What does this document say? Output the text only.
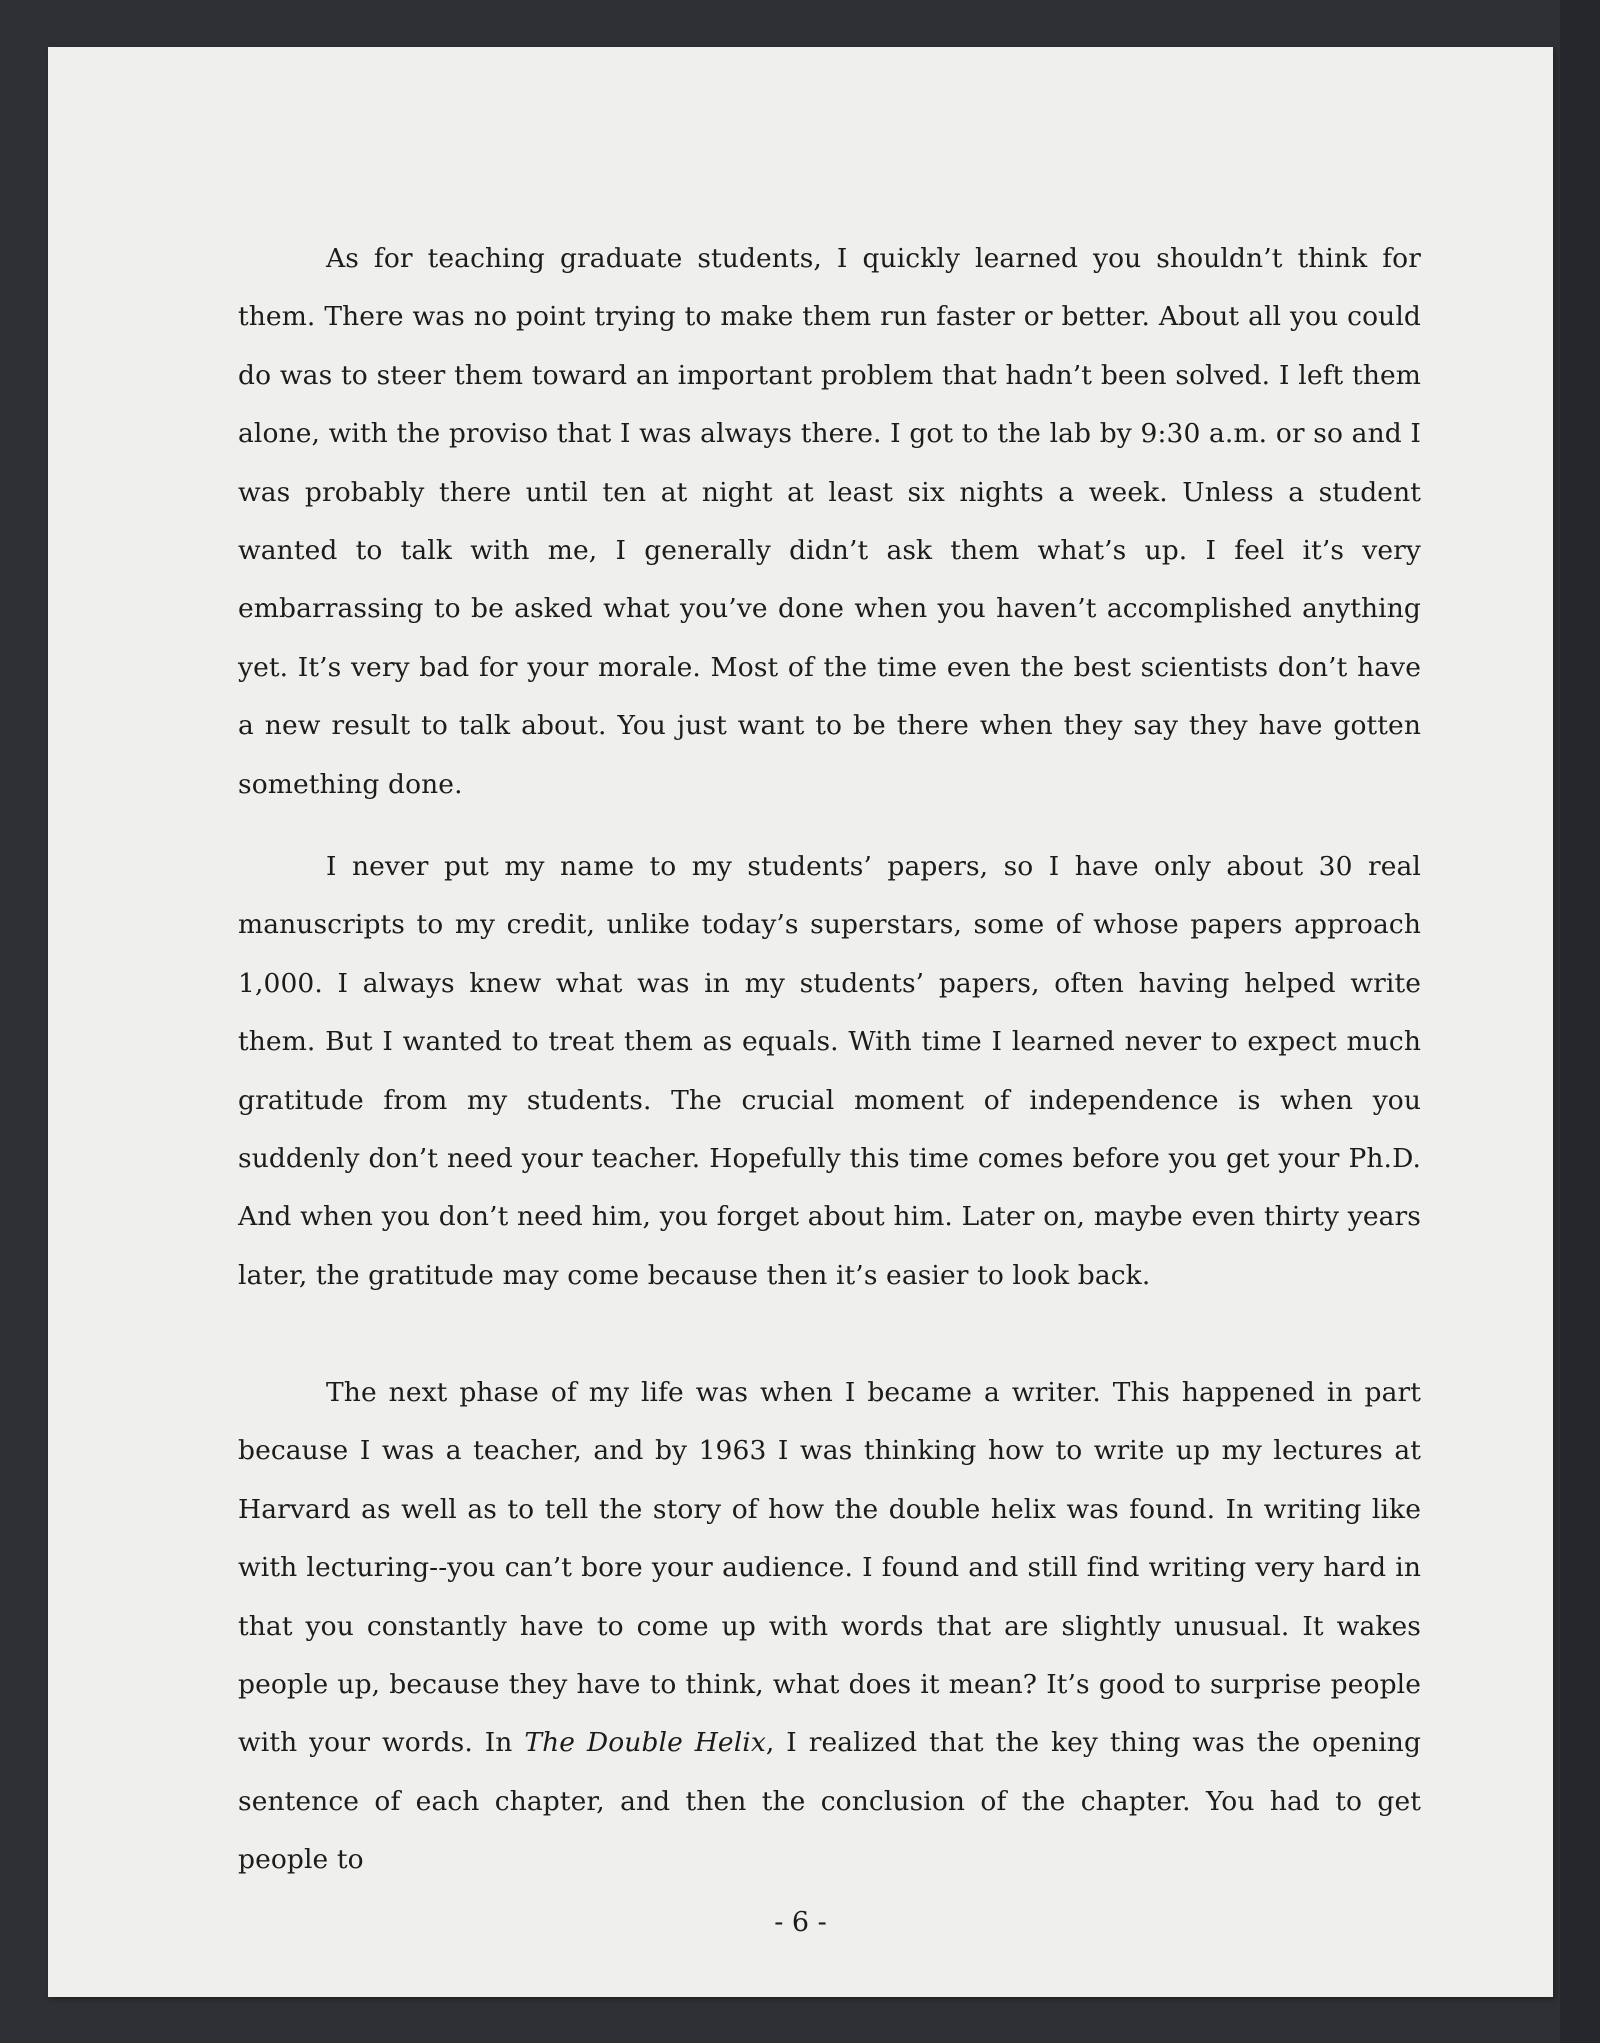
As for teaching graduate students, I quickly learned you shouldn’t think for them. There was no point trying to make them run faster or better. About all you could do was to steer them toward an important problem that hadn’t been solved. I left them alone, with the proviso that I was always there. I got to the lab by 9:30 a.m. or so and I was probably there until ten at night at least six nights a week. Unless a student wanted to talk with me, I generally didn’t ask them what’s up. I feel it’s very embarrassing to be asked what you’ve done when you haven’t accomplished anything yet. It’s very bad for your morale. Most of the time even the best scientists don’t have a new result to talk about. You just want to be there when they say they have gotten something done.

I never put my name to my students’ papers, so I have only about 30 real manuscripts to my credit, unlike today’s superstars, some of whose papers approach 1,000. I always knew what was in my students’ papers, often having helped write them. But I wanted to treat them as equals. With time I learned never to expect much gratitude from my students. The crucial moment of independence is when you suddenly don’t need your teacher. Hopefully this time comes before you get your Ph.D. And when you don’t need him, you forget about him. Later on, maybe even thirty years later, the gratitude may come because then it’s easier to look back.

The next phase of my life was when I became a writer. This happened in part because I was a teacher, and by 1963 I was thinking how to write up my lectures at Harvard as well as to tell the story of how the double helix was found. In writing like with lecturing--you can’t bore your audience. I found and still find writing very hard in that you constantly have to come up with words that are slightly unusual. It wakes people up, because they have to think, what does it mean? It’s good to surprise people with your words. In The Double Helix, I realized that the key thing was the opening sentence of each chapter, and then the conclusion of the chapter. You had to get people to

- 6 -
